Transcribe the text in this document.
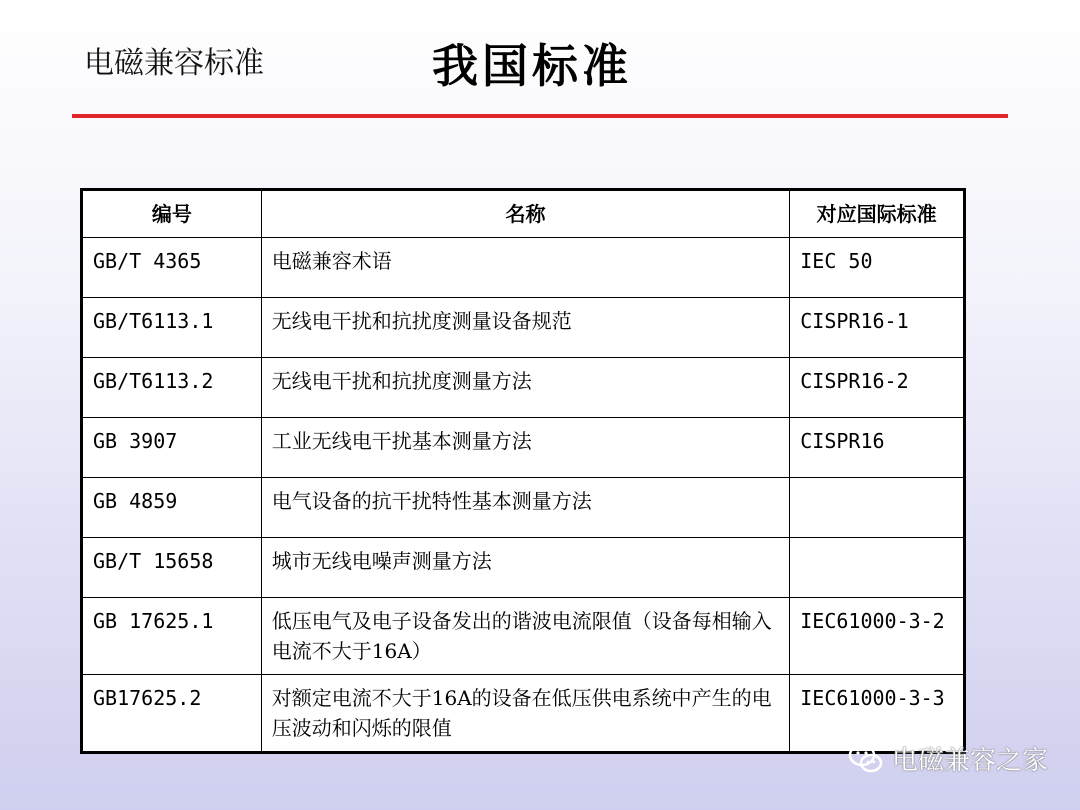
电磁兼容标准	我国标准
编号	名称	对应国际标准
GB/T 4365	电磁兼容术语	IEC 50
GB/T6113.1	无线电干扰和抗扰度测量设备规范	CISPR16-1
GB/T6113.2	无线电干扰和抗扰度测量方法	CISPR16-2
GB 3907	工业无线电干扰基本测量方法	CISPR16
GB 4859	电气设备的抗干扰特性基本测量方法	
GB/T 15658	城市无线电噪声测量方法	
GB 17625.1	低压电气及电子设备发出的谐波电流限值（设备每相输入电流不大于16A）	IEC61000-3-2
GB17625.2	对额定电流不大于16A的设备在低压供电系统中产生的电压波动和闪烁的限值	IEC61000-3-3
电磁兼容之家
